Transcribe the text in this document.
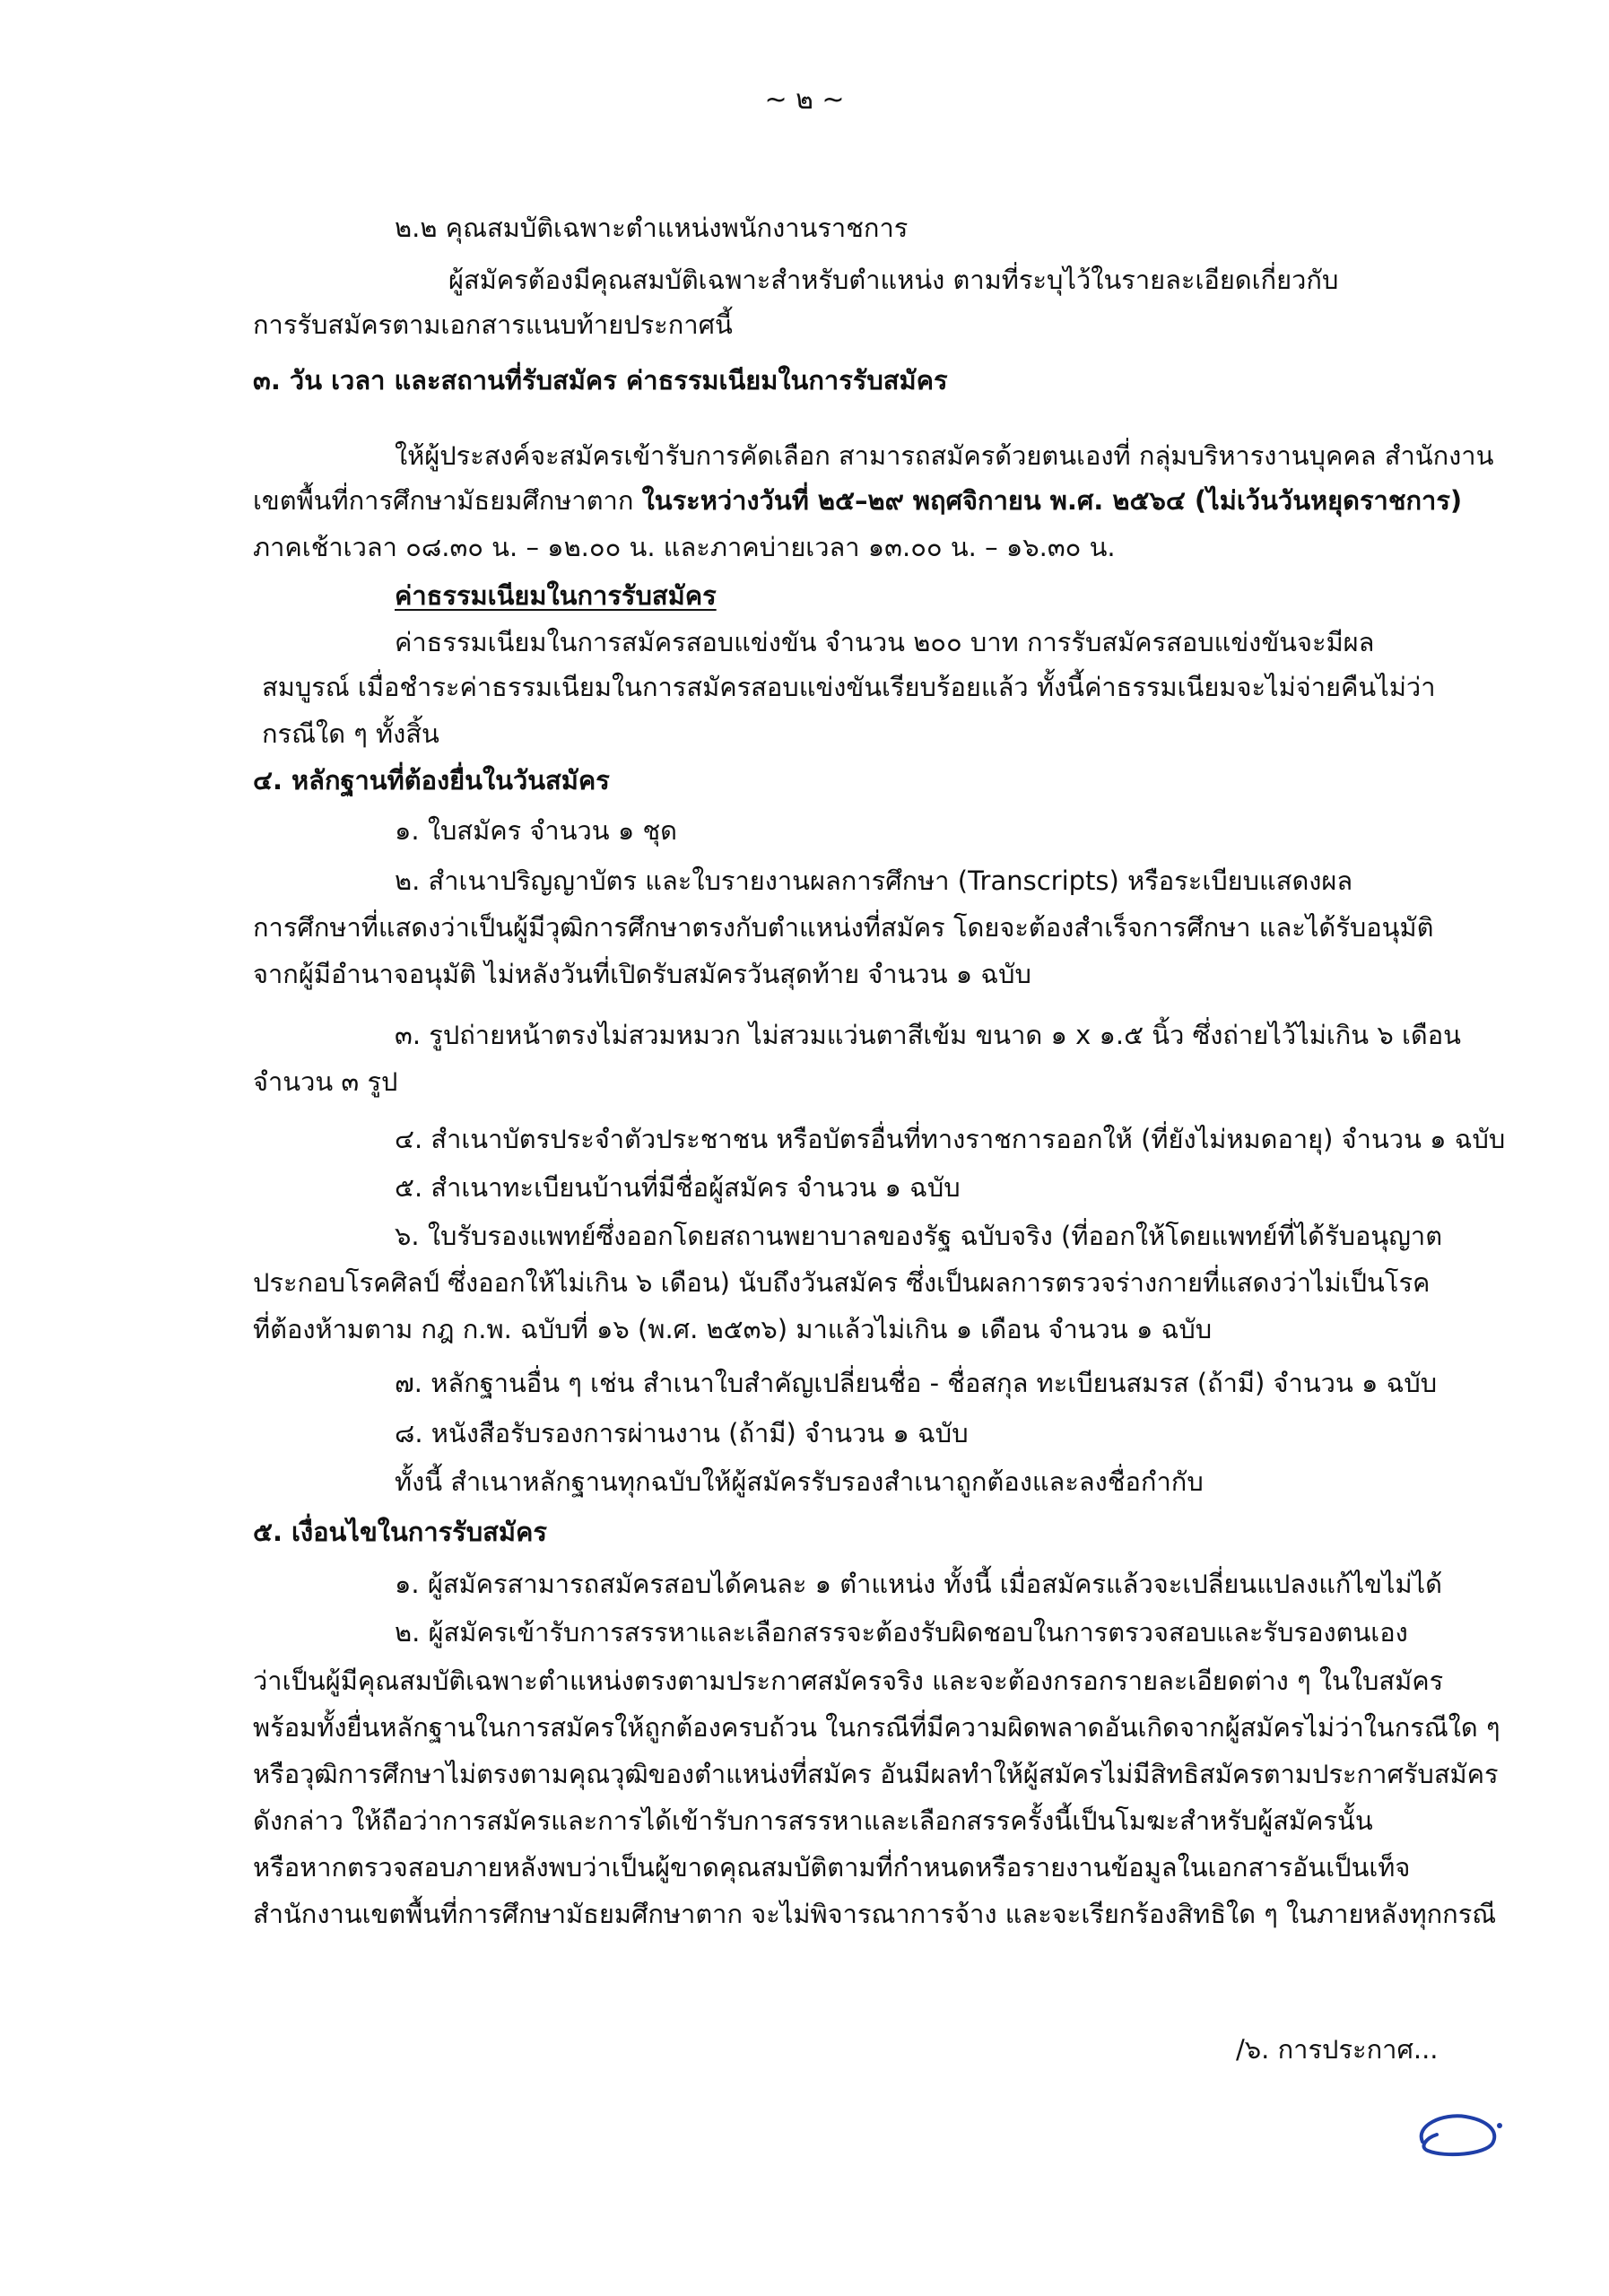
~ ๒ ~
๒.๒ คุณสมบัติเฉพาะตำแหน่งพนักงานราชการ
ผู้สมัครต้องมีคุณสมบัติเฉพาะสำหรับตำแหน่ง ตามที่ระบุไว้ในรายละเอียดเกี่ยวกับ
การรับสมัครตามเอกสารแนบท้ายประกาศนี้
๓. วัน เวลา และสถานที่รับสมัคร ค่าธรรมเนียมในการรับสมัคร
ให้ผู้ประสงค์จะสมัครเข้ารับการคัดเลือก สามารถสมัครด้วยตนเองที่ กลุ่มบริหารงานบุคคล สำนักงาน
เขตพื้นที่การศึกษามัธยมศึกษาตาก ในระหว่างวันที่ ๒๕–๒๙ พฤศจิกายน พ.ศ. ๒๕๖๔ (ไม่เว้นวันหยุดราชการ)
ภาคเช้าเวลา ๐๘.๓๐ น. – ๑๒.๐๐ น. และภาคบ่ายเวลา ๑๓.๐๐ น. – ๑๖.๓๐ น.
ค่าธรรมเนียมในการรับสมัคร
ค่าธรรมเนียมในการสมัครสอบแข่งขัน จำนวน ๒๐๐ บาท การรับสมัครสอบแข่งขันจะมีผล
สมบูรณ์ เมื่อชำระค่าธรรมเนียมในการสมัครสอบแข่งขันเรียบร้อยแล้ว ทั้งนี้ค่าธรรมเนียมจะไม่จ่ายคืนไม่ว่า
กรณีใด ๆ ทั้งสิ้น
๔. หลักฐานที่ต้องยื่นในวันสมัคร
๑. ใบสมัคร จำนวน ๑ ชุด
๒. สำเนาปริญญาบัตร และใบรายงานผลการศึกษา (Transcripts) หรือระเบียบแสดงผล
การศึกษาที่แสดงว่าเป็นผู้มีวุฒิการศึกษาตรงกับตำแหน่งที่สมัคร โดยจะต้องสำเร็จการศึกษา และได้รับอนุมัติ
จากผู้มีอำนาจอนุมัติ ไม่หลังวันที่เปิดรับสมัครวันสุดท้าย จำนวน ๑ ฉบับ
๓. รูปถ่ายหน้าตรงไม่สวมหมวก ไม่สวมแว่นตาสีเข้ม ขนาด ๑ x ๑.๕ นิ้ว ซึ่งถ่ายไว้ไม่เกิน ๖ เดือน
จำนวน ๓ รูป
๔. สำเนาบัตรประจำตัวประชาชน หรือบัตรอื่นที่ทางราชการออกให้ (ที่ยังไม่หมดอายุ) จำนวน ๑ ฉบับ
๕. สำเนาทะเบียนบ้านที่มีชื่อผู้สมัคร จำนวน ๑ ฉบับ
๖. ใบรับรองแพทย์ซึ่งออกโดยสถานพยาบาลของรัฐ ฉบับจริง (ที่ออกให้โดยแพทย์ที่ได้รับอนุญาต
ประกอบโรคศิลป์ ซึ่งออกให้ไม่เกิน ๖ เดือน) นับถึงวันสมัคร ซึ่งเป็นผลการตรวจร่างกายที่แสดงว่าไม่เป็นโรค
ที่ต้องห้ามตาม กฎ ก.พ. ฉบับที่ ๑๖ (พ.ศ. ๒๕๓๖) มาแล้วไม่เกิน ๑ เดือน จำนวน ๑ ฉบับ
๗. หลักฐานอื่น ๆ เช่น สำเนาใบสำคัญเปลี่ยนชื่อ - ชื่อสกุล ทะเบียนสมรส (ถ้ามี) จำนวน ๑ ฉบับ
๘. หนังสือรับรองการผ่านงาน (ถ้ามี) จำนวน ๑ ฉบับ
ทั้งนี้ สำเนาหลักฐานทุกฉบับให้ผู้สมัครรับรองสำเนาถูกต้องและลงชื่อกำกับ
๕. เงื่อนไขในการรับสมัคร
๑. ผู้สมัครสามารถสมัครสอบได้คนละ ๑ ตำแหน่ง ทั้งนี้ เมื่อสมัครแล้วจะเปลี่ยนแปลงแก้ไขไม่ได้
๒. ผู้สมัครเข้ารับการสรรหาและเลือกสรรจะต้องรับผิดชอบในการตรวจสอบและรับรองตนเอง
ว่าเป็นผู้มีคุณสมบัติเฉพาะตำแหน่งตรงตามประกาศสมัครจริง และจะต้องกรอกรายละเอียดต่าง ๆ ในใบสมัคร
พร้อมทั้งยื่นหลักฐานในการสมัครให้ถูกต้องครบถ้วน ในกรณีที่มีความผิดพลาดอันเกิดจากผู้สมัครไม่ว่าในกรณีใด ๆ
หรือวุฒิการศึกษาไม่ตรงตามคุณวุฒิของตำแหน่งที่สมัคร อันมีผลทำให้ผู้สมัครไม่มีสิทธิสมัครตามประกาศรับสมัคร
ดังกล่าว ให้ถือว่าการสมัครและการได้เข้ารับการสรรหาและเลือกสรรครั้งนี้เป็นโมฆะสำหรับผู้สมัครนั้น
หรือหากตรวจสอบภายหลังพบว่าเป็นผู้ขาดคุณสมบัติตามที่กำหนดหรือรายงานข้อมูลในเอกสารอันเป็นเท็จ
สำนักงานเขตพื้นที่การศึกษามัธยมศึกษาตาก จะไม่พิจารณาการจ้าง และจะเรียกร้องสิทธิใด ๆ ในภายหลังทุกกรณี
/๖. การประกาศ...
